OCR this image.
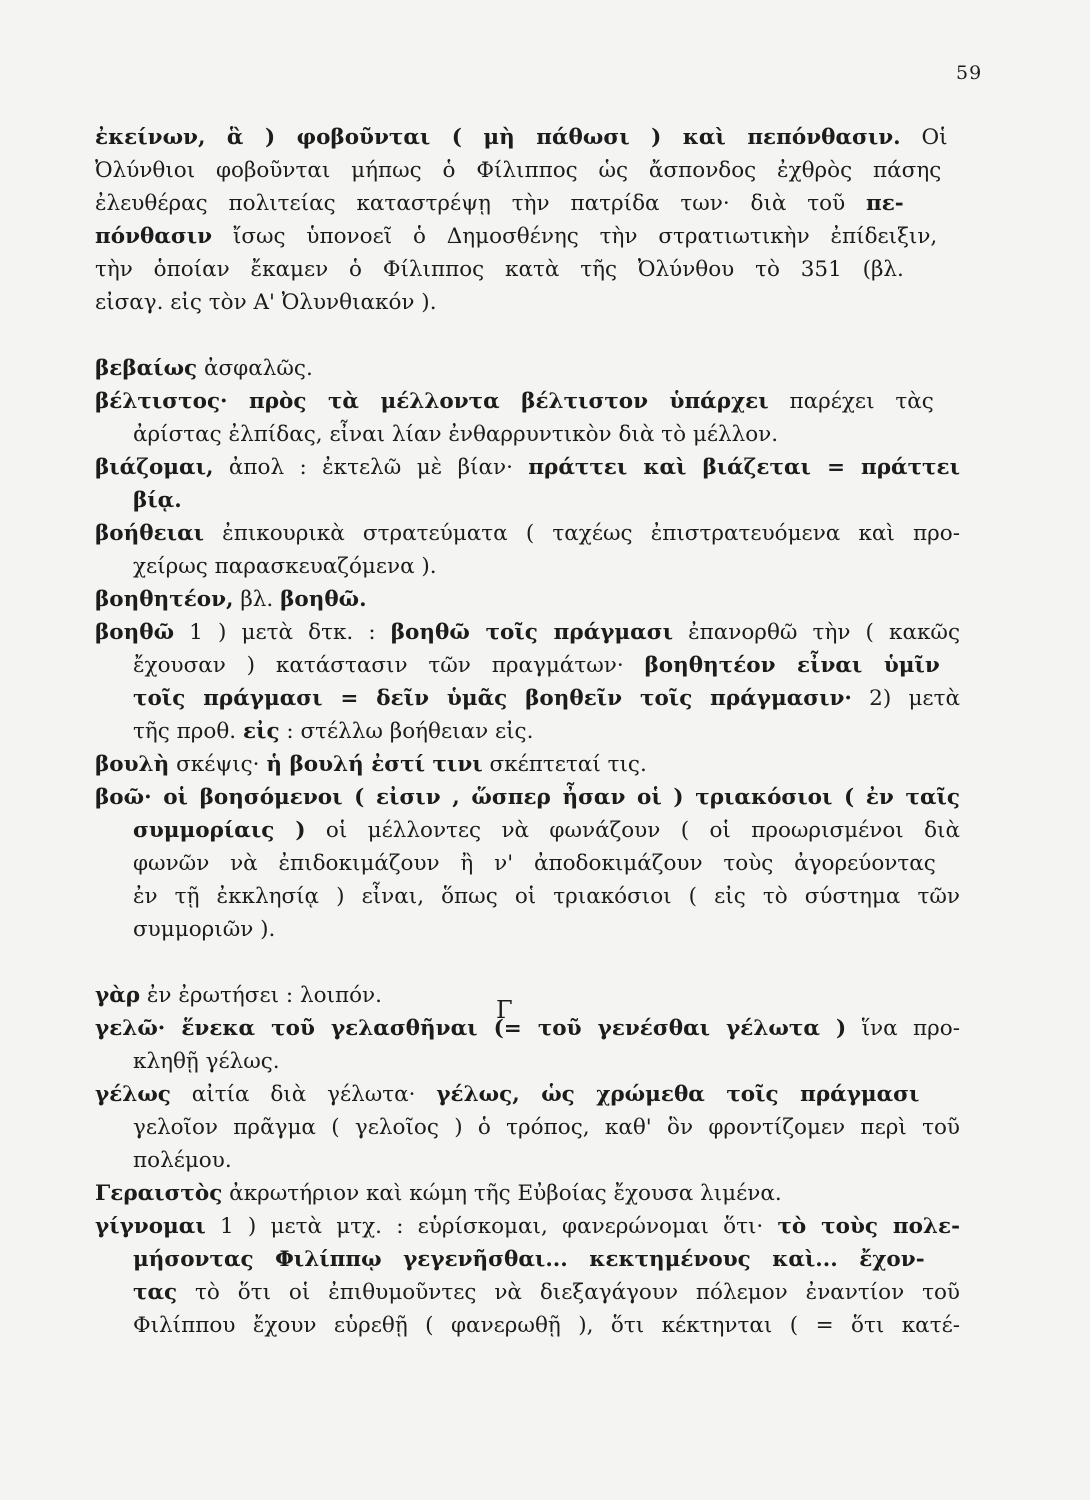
59
ἐκείνων, ἃ ) φοβοῦνται ( μὴ πάθωσι ) καὶ πεπόνθασιν. Οἱ
Ὀλύνθιοι φοβοῦνται μήπως ὁ Φίλιππος ὡς ἄσπονδος ἐχθρὸς πάσης
ἐλευθέρας πολιτείας καταστρέψῃ τὴν πατρίδα των· διὰ τοῦ πε-
πόνθασιν ἴσως ὑπονοεῖ ὁ Δημοσθένης τὴν στρατιωτικὴν ἐπίδειξιν,
τὴν ὁποίαν ἔκαμεν ὁ Φίλιππος κατὰ τῆς Ὀλύνθου τὸ 351 (βλ.
εἰσαγ. εἰς τὸν Α' Ὀλυνθιακόν ).
βεβαίως ἀσφαλῶς.
βέλτιστος· πρὸς τὰ μέλλοντα βέλτιστον ὑπάρχει παρέχει τὰς
ἀρίστας ἐλπίδας, εἶναι λίαν ἐνθαρρυντικὸν διὰ τὸ μέλλον.
βιάζομαι, ἀπολ : ἐκτελῶ μὲ βίαν· πράττει καὶ βιάζεται = πράττει
βίᾳ.
βοήθειαι ἐπικουρικὰ στρατεύματα ( ταχέως ἐπιστρατευόμενα καὶ προ-
χείρως παρασκευαζόμενα ).
βοηθητέον, βλ. βοηθῶ.
βοηθῶ 1 ) μετὰ δτκ. : βοηθῶ τοῖς πράγμασι ἐπανορθῶ τὴν ( κακῶς
ἔχουσαν ) κατάστασιν τῶν πραγμάτων· βοηθητέον εἶναι ὑμῖν
τοῖς πράγμασι = δεῖν ὑμᾶς βοηθεῖν τοῖς πράγμασιν· 2) μετὰ
τῆς προθ. εἰς : στέλλω βοήθειαν εἰς.
βουλὴ σκέψις· ἡ βουλή ἐστί τινι σκέπτεταί τις.
βοῶ· οἱ βοησόμενοι ( εἰσιν , ὥσπερ ἦσαν οἱ ) τριακόσιοι ( ἐν ταῖς
συμμορίαις ) οἱ μέλλοντες νὰ φωνάζουν ( οἱ προωρισμένοι διὰ
φωνῶν νὰ ἐπιδοκιμάζουν ἢ ν' ἀποδοκιμάζουν τοὺς ἀγορεύοντας
ἐν τῇ ἐκκλησίᾳ ) εἶναι, ὅπως οἱ τριακόσιοι ( εἰς τὸ σύστημα τῶν
συμμοριῶν ).
γὰρ ἐν ἐρωτήσει : λοιπόν.
γελῶ· ἕνεκα τοῦ γελασθῆναι (= τοῦ γενέσθαι γέλωτα ) ἵνα προ-
κληθῇ γέλως.
γέλως αἰτία διὰ γέλωτα· γέλως, ὡς χρώμεθα τοῖς πράγμασι
γελοῖον πρᾶγμα ( γελοῖος ) ὁ τρόπος, καθ' ὃν φροντίζομεν περὶ τοῦ
πολέμου.
Γεραιστὸς ἀκρωτήριον καὶ κώμη τῆς Εὐβοίας ἔχουσα λιμένα.
γίγνομαι 1 ) μετὰ μτχ. : εὑρίσκομαι, φανερώνομαι ὅτι· τὸ τοὺς πολε-
μήσοντας Φιλίππῳ γεγενῆσθαι... κεκτημένους καὶ... ἔχον-
τας τὸ ὅτι οἱ ἐπιθυμοῦντες νὰ διεξαγάγουν πόλεμον ἐναντίον τοῦ
Φιλίππου ἔχουν εὑρεθῇ ( φανερωθῇ ), ὅτι κέκτηνται ( = ὅτι κατέ-
Γ
